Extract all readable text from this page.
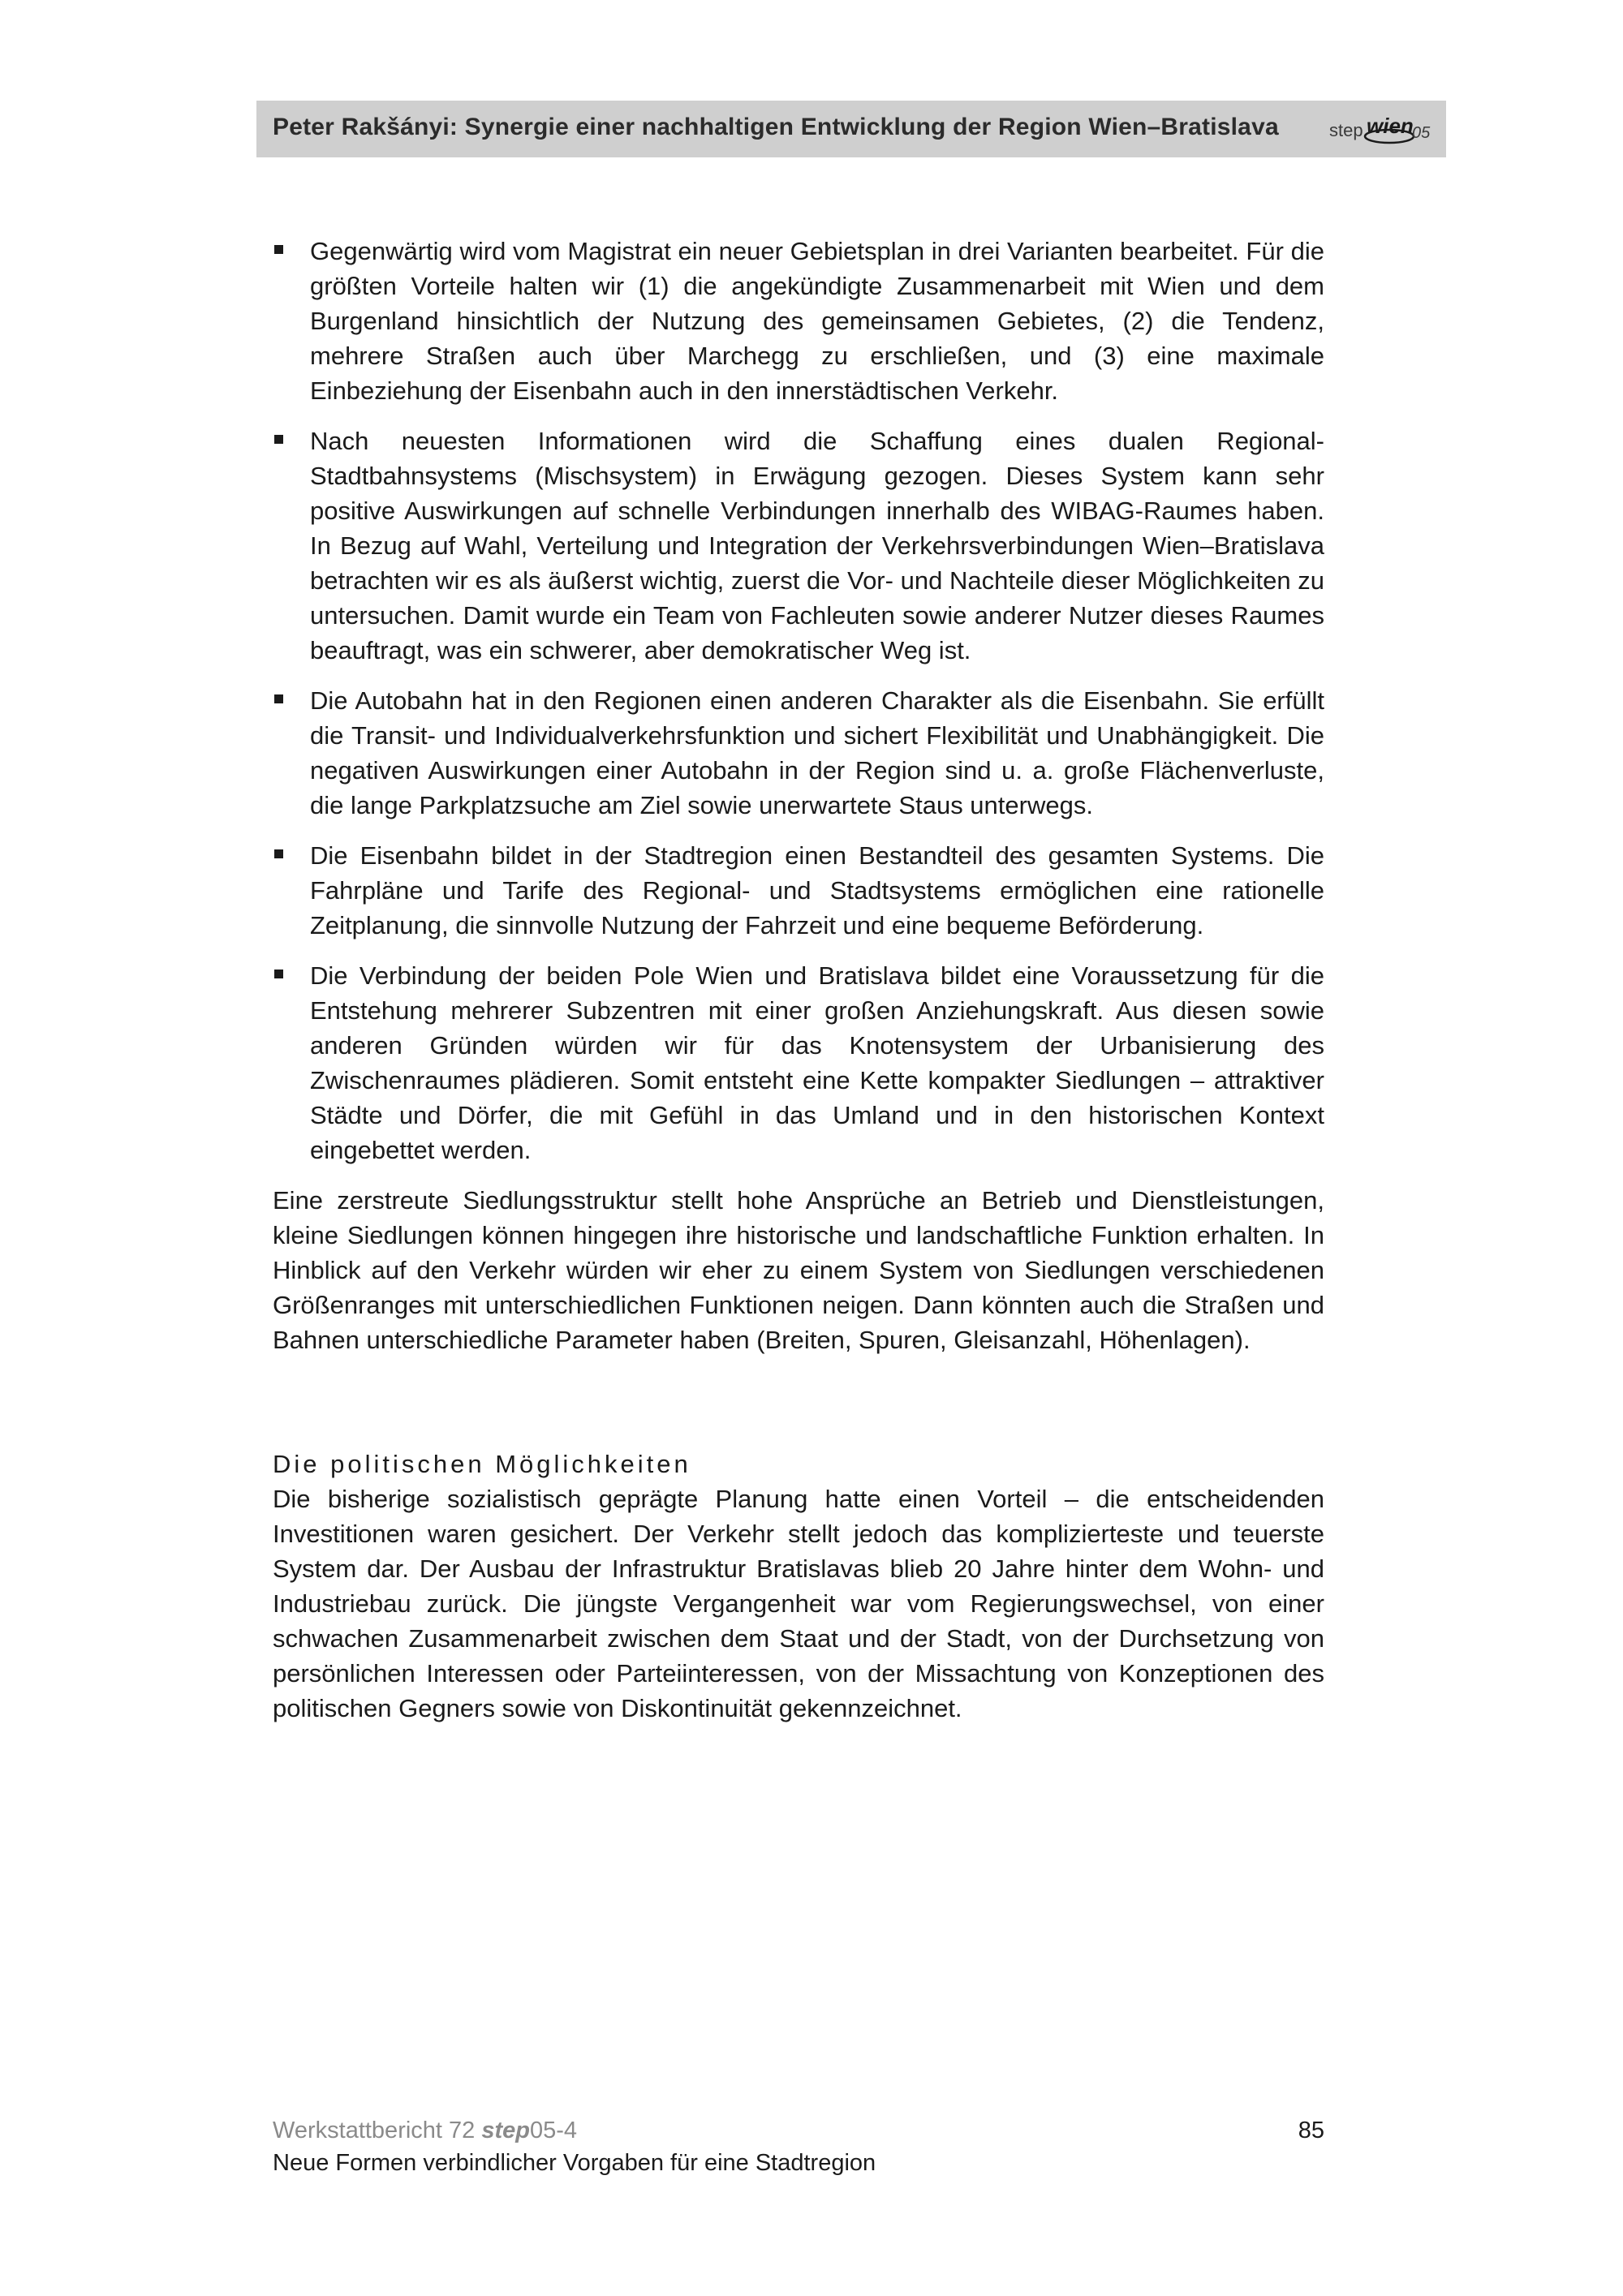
Peter Rakšányi: Synergie einer nachhaltigen Entwicklung der Region Wien–Bratislava	step wien
05
Gegenwärtig wird vom Magistrat ein neuer Gebietsplan in drei Varianten bearbeitet. Für die größten Vorteile halten wir (1) die angekündigte Zusammenarbeit mit Wien und dem Burgenland hinsichtlich der Nutzung des gemeinsamen Gebietes, (2) die Tendenz, mehrere Straßen auch über Marchegg zu erschließen, und (3) eine maximale Einbeziehung der Eisenbahn auch in den innerstädtischen Verkehr.
Nach neuesten Informationen wird die Schaffung eines dualen Regional-Stadtbahnsystems (Mischsystem) in Erwägung gezogen. Dieses System kann sehr positive Auswirkungen auf schnelle Verbindungen innerhalb des WIBAG-Raumes haben. In Bezug auf Wahl, Verteilung und Integration der Verkehrsverbindungen Wien–Bratislava betrachten wir es als äußerst wichtig, zuerst die Vor- und Nachteile dieser Möglichkeiten zu untersuchen. Damit wurde ein Team von Fachleuten sowie anderer Nutzer dieses Raumes beauftragt, was ein schwerer, aber demokratischer Weg ist.
Die Autobahn hat in den Regionen einen anderen Charakter als die Eisenbahn. Sie erfüllt die Transit- und Individualverkehrsfunktion und sichert Flexibilität und Unabhängigkeit. Die negativen Auswirkungen einer Autobahn in der Region sind u. a. große Flächenverluste, die lange Parkplatzsuche am Ziel sowie unerwartete Staus unterwegs.
Die Eisenbahn bildet in der Stadtregion einen Bestandteil des gesamten Systems. Die Fahrpläne und Tarife des Regional- und Stadtsystems ermöglichen eine rationelle Zeitplanung, die sinnvolle Nutzung der Fahrzeit und eine bequeme Beförderung.
Die Verbindung der beiden Pole Wien und Bratislava bildet eine Voraussetzung für die Entstehung mehrerer Subzentren mit einer großen Anziehungskraft. Aus diesen sowie anderen Gründen würden wir für das Knotensystem der Urbanisierung des Zwischenraumes plädieren. Somit entsteht eine Kette kompakter Siedlungen – attraktiver Städte und Dörfer, die mit Gefühl in das Umland und in den historischen Kontext eingebettet werden.

Eine zerstreute Siedlungsstruktur stellt hohe Ansprüche an Betrieb und Dienstleistungen, kleine Siedlungen können hingegen ihre historische und landschaftliche Funktion erhalten. In Hinblick auf den Verkehr würden wir eher zu einem System von Siedlungen verschiedenen Größenranges mit unterschiedlichen Funktionen neigen. Dann könnten auch die Straßen und Bahnen unterschiedliche Parameter haben (Breiten, Spuren, Gleisanzahl, Höhenlagen).

Die politischen Möglichkeiten

Die bisherige sozialistisch geprägte Planung hatte einen Vorteil – die entscheidenden Investitionen waren gesichert. Der Verkehr stellt jedoch das komplizierteste und teuerste System dar. Der Ausbau der Infrastruktur Bratislavas blieb 20 Jahre hinter dem Wohn- und Industriebau zurück. Die jüngste Vergangenheit war vom Regierungswechsel, von einer schwachen Zusammenarbeit zwischen dem Staat und der Stadt, von der Durchsetzung von persönlichen Interessen oder Parteiinteressen, von der Missachtung von Konzeptionen des politischen Gegners sowie von Diskontinuität gekennzeichnet.

Werkstattbericht 72 step05-4	85
Neue Formen verbindlicher Vorgaben für eine Stadtregion
